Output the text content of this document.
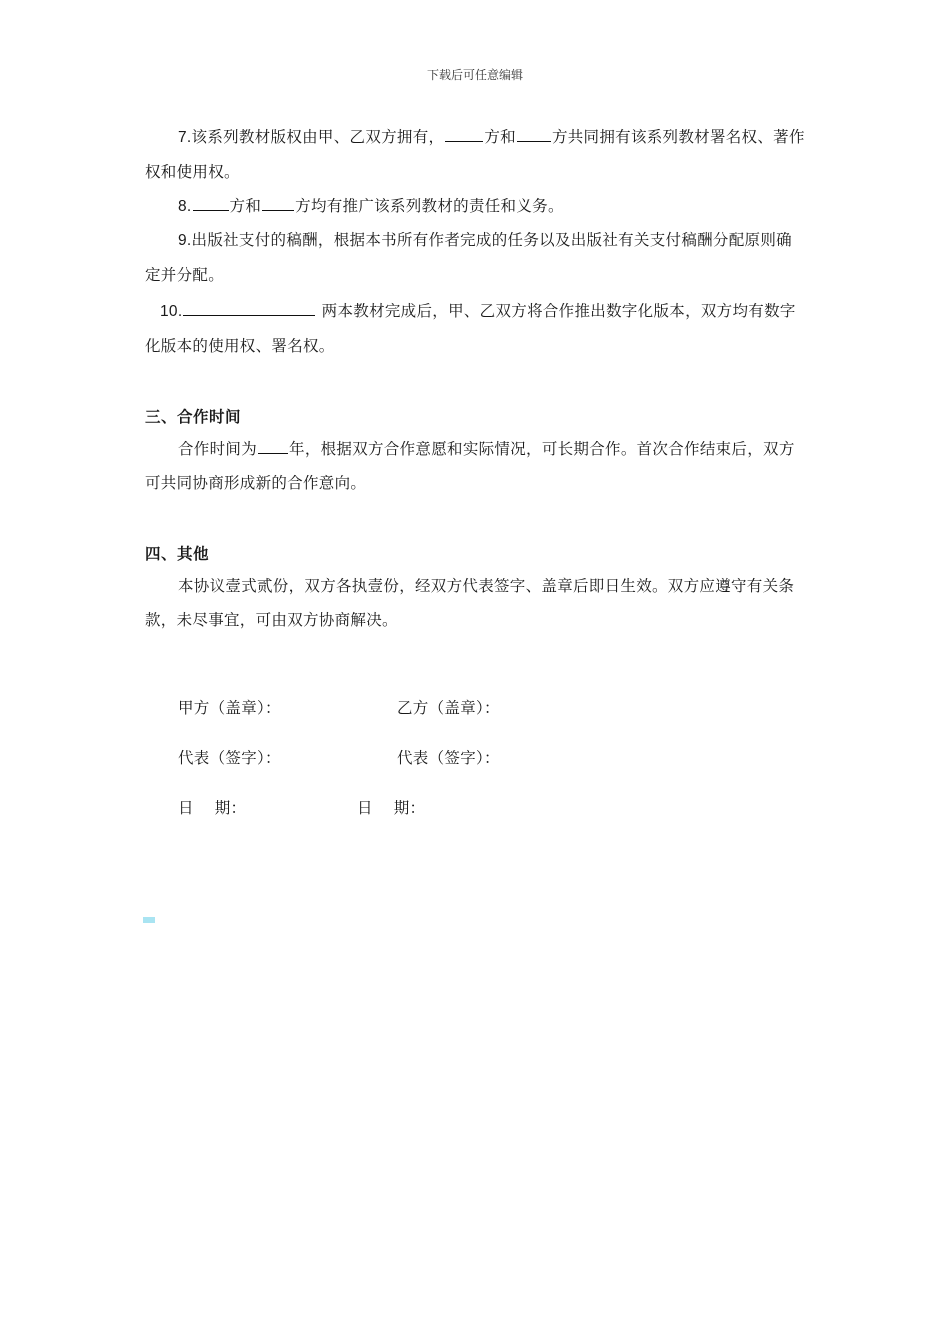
下载后可任意编辑
7.该系列教材版权由甲、乙双方拥有，	方和 方共同拥有该系列教材署名权、著作权和使用权。
8. 方和 方均有推广该系列教材的责任和义务。
9.出版社支付的稿酬，根据本书所有作者完成的任务以及出版社有关支付稿酬分配原则确定并分配。
10.	两本教材完成后，甲、乙双方将合作推出数字化版本，双方均有数字化版本的使用权、署名权。
三、合作时间
合作时间为 年，根据双方合作意愿和实际情况，可长期合作。首次合作结束后，双方可共同协商形成新的合作意向。
四、其他
本协议壹式贰份，双方各执壹份，经双方代表签字、盖章后即日生效。双方应遵守有关条款，未尽事宜，可由双方协商解决。
甲方（盖章）：	乙方（盖章）：
代表（签字）：	代表（签字）：
日    期：	日    期：
